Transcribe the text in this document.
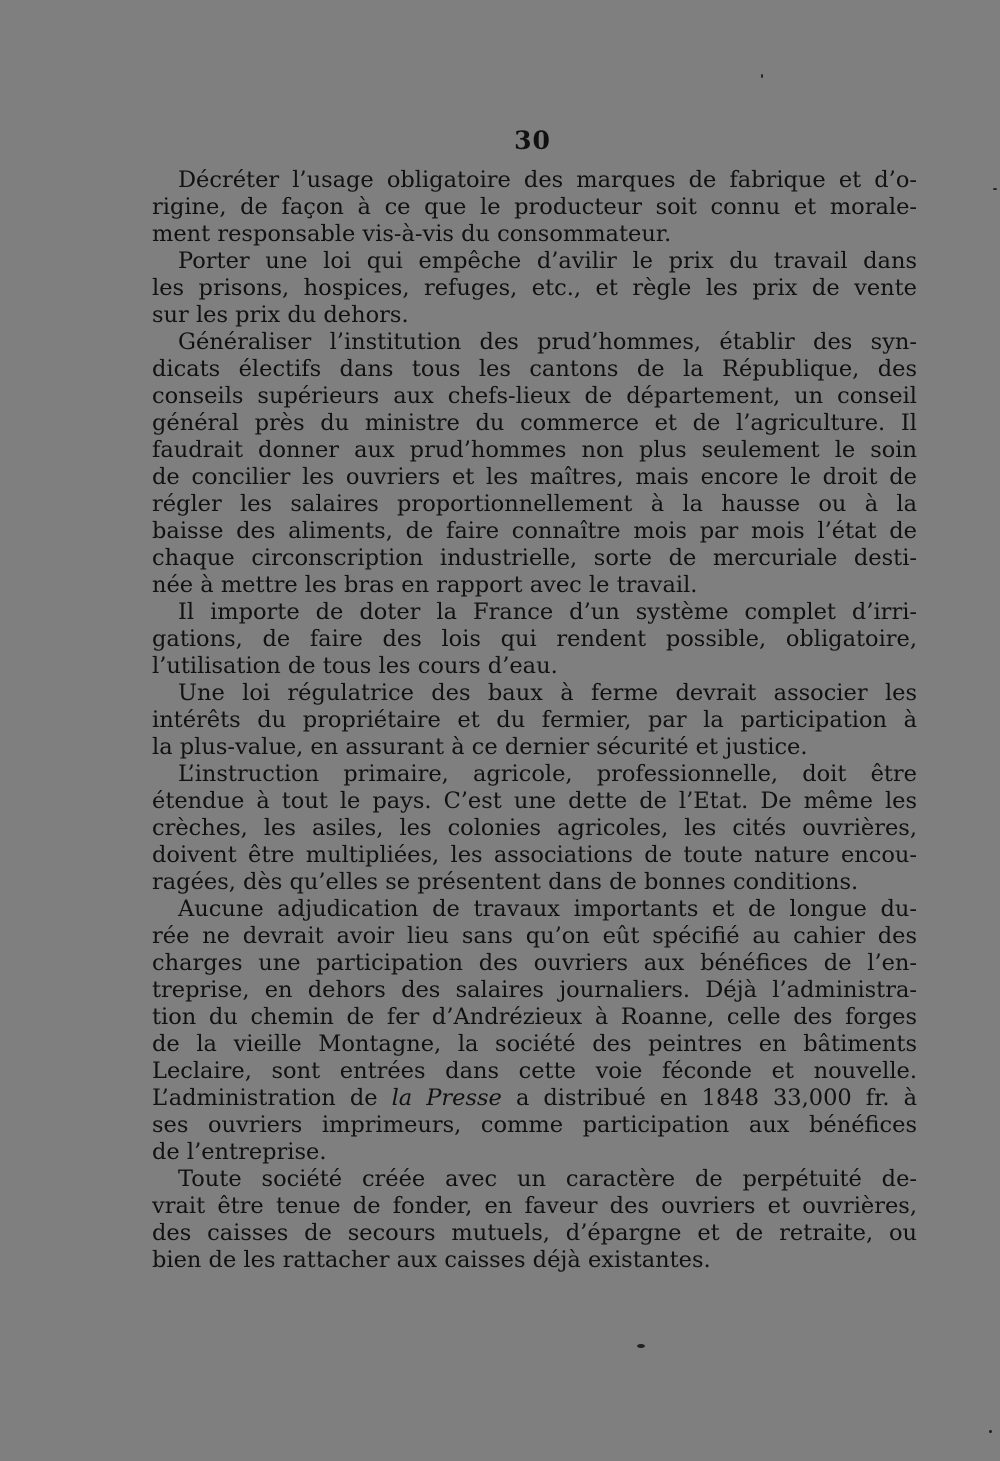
30

Décréter l’usage obligatoire des marques de fabrique et d’o-
rigine, de façon à ce que le producteur soit connu et morale-
ment responsable vis-à-vis du consommateur.

Porter une loi qui empêche d’avilir le prix du travail dans
les prisons, hospices, refuges, etc., et règle les prix de vente
sur les prix du dehors.

Généraliser l’institution des prud’hommes, établir des syn-
dicats électifs dans tous les cantons de la République, des
conseils supérieurs aux chefs-lieux de département, un conseil
général près du ministre du commerce et de l’agriculture. Il
faudrait donner aux prud’hommes non plus seulement le soin
de concilier les ouvriers et les maîtres, mais encore le droit de
régler les salaires proportionnellement à la hausse ou à la
baisse des aliments, de faire connaître mois par mois l’état de
chaque circonscription industrielle, sorte de mercuriale desti-
née à mettre les bras en rapport avec le travail.

Il importe de doter la France d’un système complet d’irri-
gations, de faire des lois qui rendent possible, obligatoire,
l’utilisation de tous les cours d’eau.

Une loi régulatrice des baux à ferme devrait associer les
intérêts du propriétaire et du fermier, par la participation à
la plus-value, en assurant à ce dernier sécurité et justice.

L’instruction primaire, agricole, professionnelle, doit être
étendue à tout le pays. C’est une dette de l’Etat. De même les
crèches, les asiles, les colonies agricoles, les cités ouvrières,
doivent être multipliées, les associations de toute nature encou-
ragées, dès qu’elles se présentent dans de bonnes conditions.

Aucune adjudication de travaux importants et de longue du-
rée ne devrait avoir lieu sans qu’on eût spécifié au cahier des
charges une participation des ouvriers aux bénéfices de l’en-
treprise, en dehors des salaires journaliers. Déjà l’administra-
tion du chemin de fer d’Andrézieux à Roanne, celle des forges
de la vieille Montagne, la société des peintres en bâtiments
Leclaire, sont entrées dans cette voie féconde et nouvelle.
L’administration de la Presse a distribué en 1848 33,000 fr. à
ses ouvriers imprimeurs, comme participation aux bénéfices
de l’entreprise.

Toute société créée avec un caractère de perpétuité de-
vrait être tenue de fonder, en faveur des ouvriers et ouvrières,
des caisses de secours mutuels, d’épargne et de retraite, ou
bien de les rattacher aux caisses déjà existantes.
